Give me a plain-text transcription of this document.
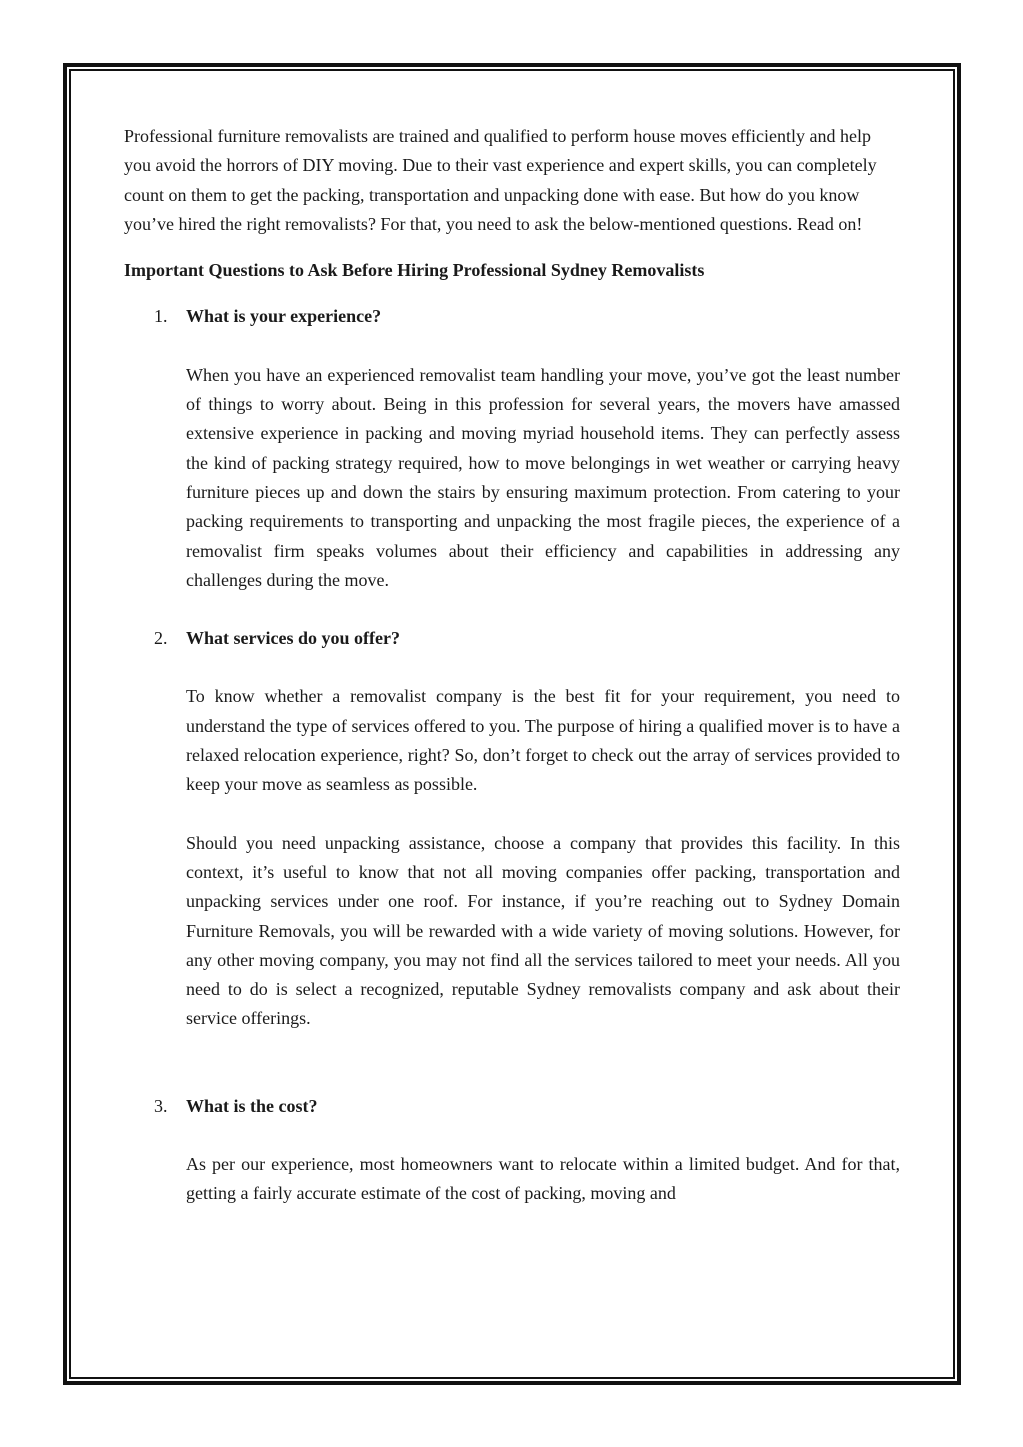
Professional furniture removalists are trained and qualified to perform house moves efficiently and help you avoid the horrors of DIY moving. Due to their vast experience and expert skills, you can completely count on them to get the packing, transportation and unpacking done with ease. But how do you know you’ve hired the right removalists? For that, you need to ask the below-mentioned questions. Read on!

Important Questions to Ask Before Hiring Professional Sydney Removalists

1. What is your experience?

When you have an experienced removalist team handling your move, you’ve got the least number of things to worry about. Being in this profession for several years, the movers have amassed extensive experience in packing and moving myriad household items. They can perfectly assess the kind of packing strategy required, how to move belongings in wet weather or carrying heavy furniture pieces up and down the stairs by ensuring maximum protection. From catering to your packing requirements to transporting and unpacking the most fragile pieces, the experience of a removalist firm speaks volumes about their efficiency and capabilities in addressing any challenges during the move.

2. What services do you offer?

To know whether a removalist company is the best fit for your requirement, you need to understand the type of services offered to you. The purpose of hiring a qualified mover is to have a relaxed relocation experience, right? So, don’t forget to check out the array of services provided to keep your move as seamless as possible.

Should you need unpacking assistance, choose a company that provides this facility. In this context, it’s useful to know that not all moving companies offer packing, transportation and unpacking services under one roof. For instance, if you’re reaching out to Sydney Domain Furniture Removals, you will be rewarded with a wide variety of moving solutions. However, for any other moving company, you may not find all the services tailored to meet your needs. All you need to do is select a recognized, reputable Sydney removalists company and ask about their service offerings.

3. What is the cost?

As per our experience, most homeowners want to relocate within a limited budget. And for that, getting a fairly accurate estimate of the cost of packing, moving and
